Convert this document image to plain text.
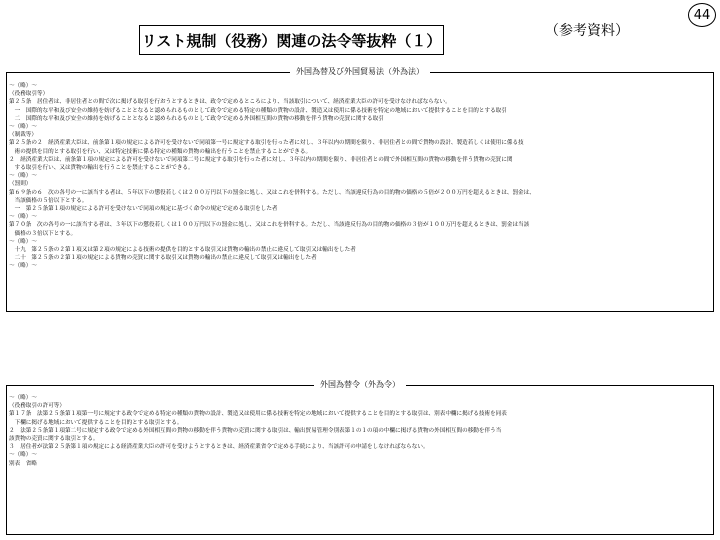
リスト規制（役務）関連の法令等抜粋（１）
（参考資料）
44
外国為替及び外国貿易法（外為法）
～（略）～
（役務取引等）
第２５条　居住者は、非居住者との間で次に掲げる取引を行おうとするときは、政令で定めるところにより、当該取引について、経済産業大臣の許可を受けなければならない。
　一　国際的な平和及び安全の維持を妨げることとなると認められるものとして政令で定める特定の種類の貨物の設計、製造又は使用に係る技術を特定の地域において提供することを目的とする取引
　二　国際的な平和及び安全の維持を妨げることとなると認められるものとして政令で定める外国相互間の貨物の移動を伴う貨物の売買に関する取引
～（略）～
（制裁等）
第２５条の２　経済産業大臣は、前条第１項の規定による許可を受けないで同項第一号に規定する取引を行った者に対し、３年以内の期間を限り、非居住者との間で貨物の設計、製造若しくは使用に係る技
　術の提供を目的とする取引を行い、又は特定技術に係る特定の種類の貨物の輸出を行うことを禁止することができる。
２　経済産業大臣は、前条第１項の規定による許可を受けないで同項第二号に規定する取引を行った者に対し、３年以内の期間を限り、非居住者との間で外国相互間の貨物の移動を伴う貨物の売買に関
　する取引を行い、又は貨物の輸出を行うことを禁止することができる。
～（略）～
（罰則）
第６９条の６　次の各号の一に該当する者は、５年以下の懲役若しくは２００万円以下の罰金に処し、又はこれを併科する。ただし、当該違反行為の目的物の価格の５倍が２００万円を超えるときは、罰金は、
　当該価格の５倍以下とする。
　一　第２５条第１項の規定による許可を受けないで同項の規定に基づく命令の規定で定める取引をした者
～（略）～
第７０条　次の各号の一に該当する者は、３年以下の懲役若しくは１００万円以下の罰金に処し、又はこれを併科する。ただし、当該違反行為の目的物の価格の３倍が１００万円を超えるときは、罰金は当該
　価格の３倍以下とする。
～（略）～
　十九　第２５条の２第１項又は第２項の規定による技術の提供を目的とする取引又は貨物の輸出の禁止に違反して取引又は輸出をした者
　二十　第２５条の２第１項の規定による貨物の売買に関する取引又は貨物の輸出の禁止に違反して取引又は輸出をした者
～（略）～
外国為替令（外為令）
～（略）～
（役務取引の許可等）
第１７条　法第２５条第１項第一号に規定する政令で定める特定の種類の貨物の設計、製造又は使用に係る技術を特定の地域において提供することを目的とする取引は、別表中欄に掲げる技術を同表
　下欄に掲げる地域において提供することを目的とする取引とする。
２　法第２５条第１項第二号に規定する政令で定める外国相互間の貨物の移動を伴う貨物の売買に関する取引は、輸出貿易管理令別表第１の１の項の中欄に掲げる貨物の外国相互間の移動を伴う当
該貨物の売買に関する取引とする。
３　居住者が法第２５条第１項の規定による経済産業大臣の許可を受けようとするときは、経済産業省令で定める手続により、当該許可の申請をしなければならない。
～（略）～
別表　省略
